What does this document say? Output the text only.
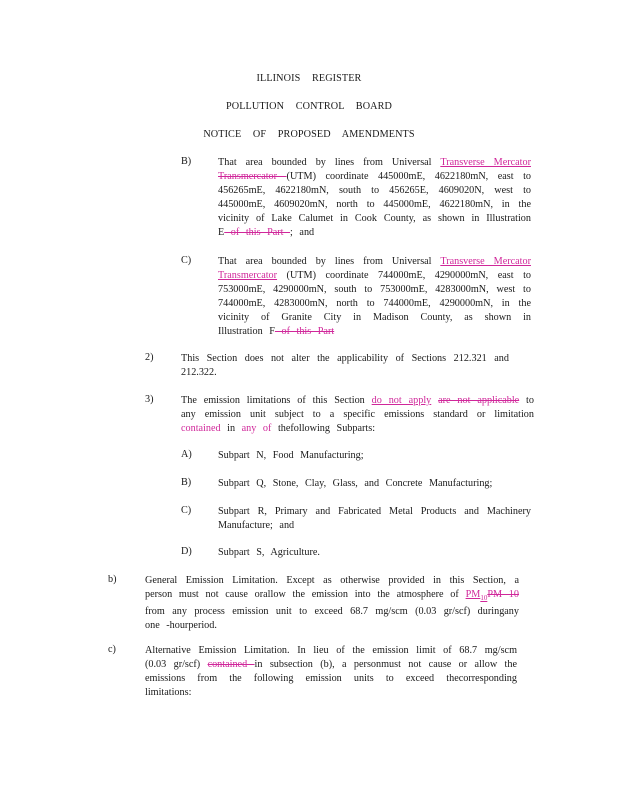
ILLINOIS REGISTER
POLLUTION CONTROL BOARD
NOTICE OF PROPOSED AMENDMENTS
B)	That area bounded by lines from Universal Transverse Mercator Transmercator (UTM) coordinate 445000mE, 4622180mN, east to 456265mE, 4622180mN, south to 456265E, 4609020N, west to 445000mE, 4609020mN, north to 445000mE, 4622180mN, in the vicinity of Lake Calumet in Cook County, as shown in Illustration E of this Part ; and
C)	That area bounded by lines from Universal Transverse Mercator Transmercator (UTM) coordinate 744000mE, 4290000mN, east to 753000mE, 4290000mN, south to 753000mE, 4283000mN, west to 744000mE, 4283000mN, north to 744000mE, 4290000mN, in the vicinity of Granite City in Madison County, as shown in Illustration F of this Part
2)	This Section does not alter the applicability of Sections 212.321 and 212.322.
3)	The emission limitations of this Section do not apply are not applicable to any emission unit subject to a specific emissions standard or limitation contained in any of thefollowing Subparts:
A)	Subpart N, Food Manufacturing;
B)	Subpart Q, Stone, Clay, Glass, and Concrete Manufacturing;
C)	Subpart R, Primary and Fabricated Metal Products and Machinery Manufacture; and
D)	Subpart S, Agriculture.
b)	General Emission Limitation. Except as otherwise provided in this Section, a person must not cause orallow the emission into the atmosphere of $PM_{10}PM$ 10 from any process emission unit to exceed 68.7 mg/scm (0.03 gr/scf) duringany one -hourperiod.
c)	Alternative Emission Limitation. In lieu of the emission limit of 68.7 mg/scm (0.03 gr/scf) contained in subsection (b), a personmust not cause or allow the emissions from the following emission units to exceed thecorresponding limitations:
